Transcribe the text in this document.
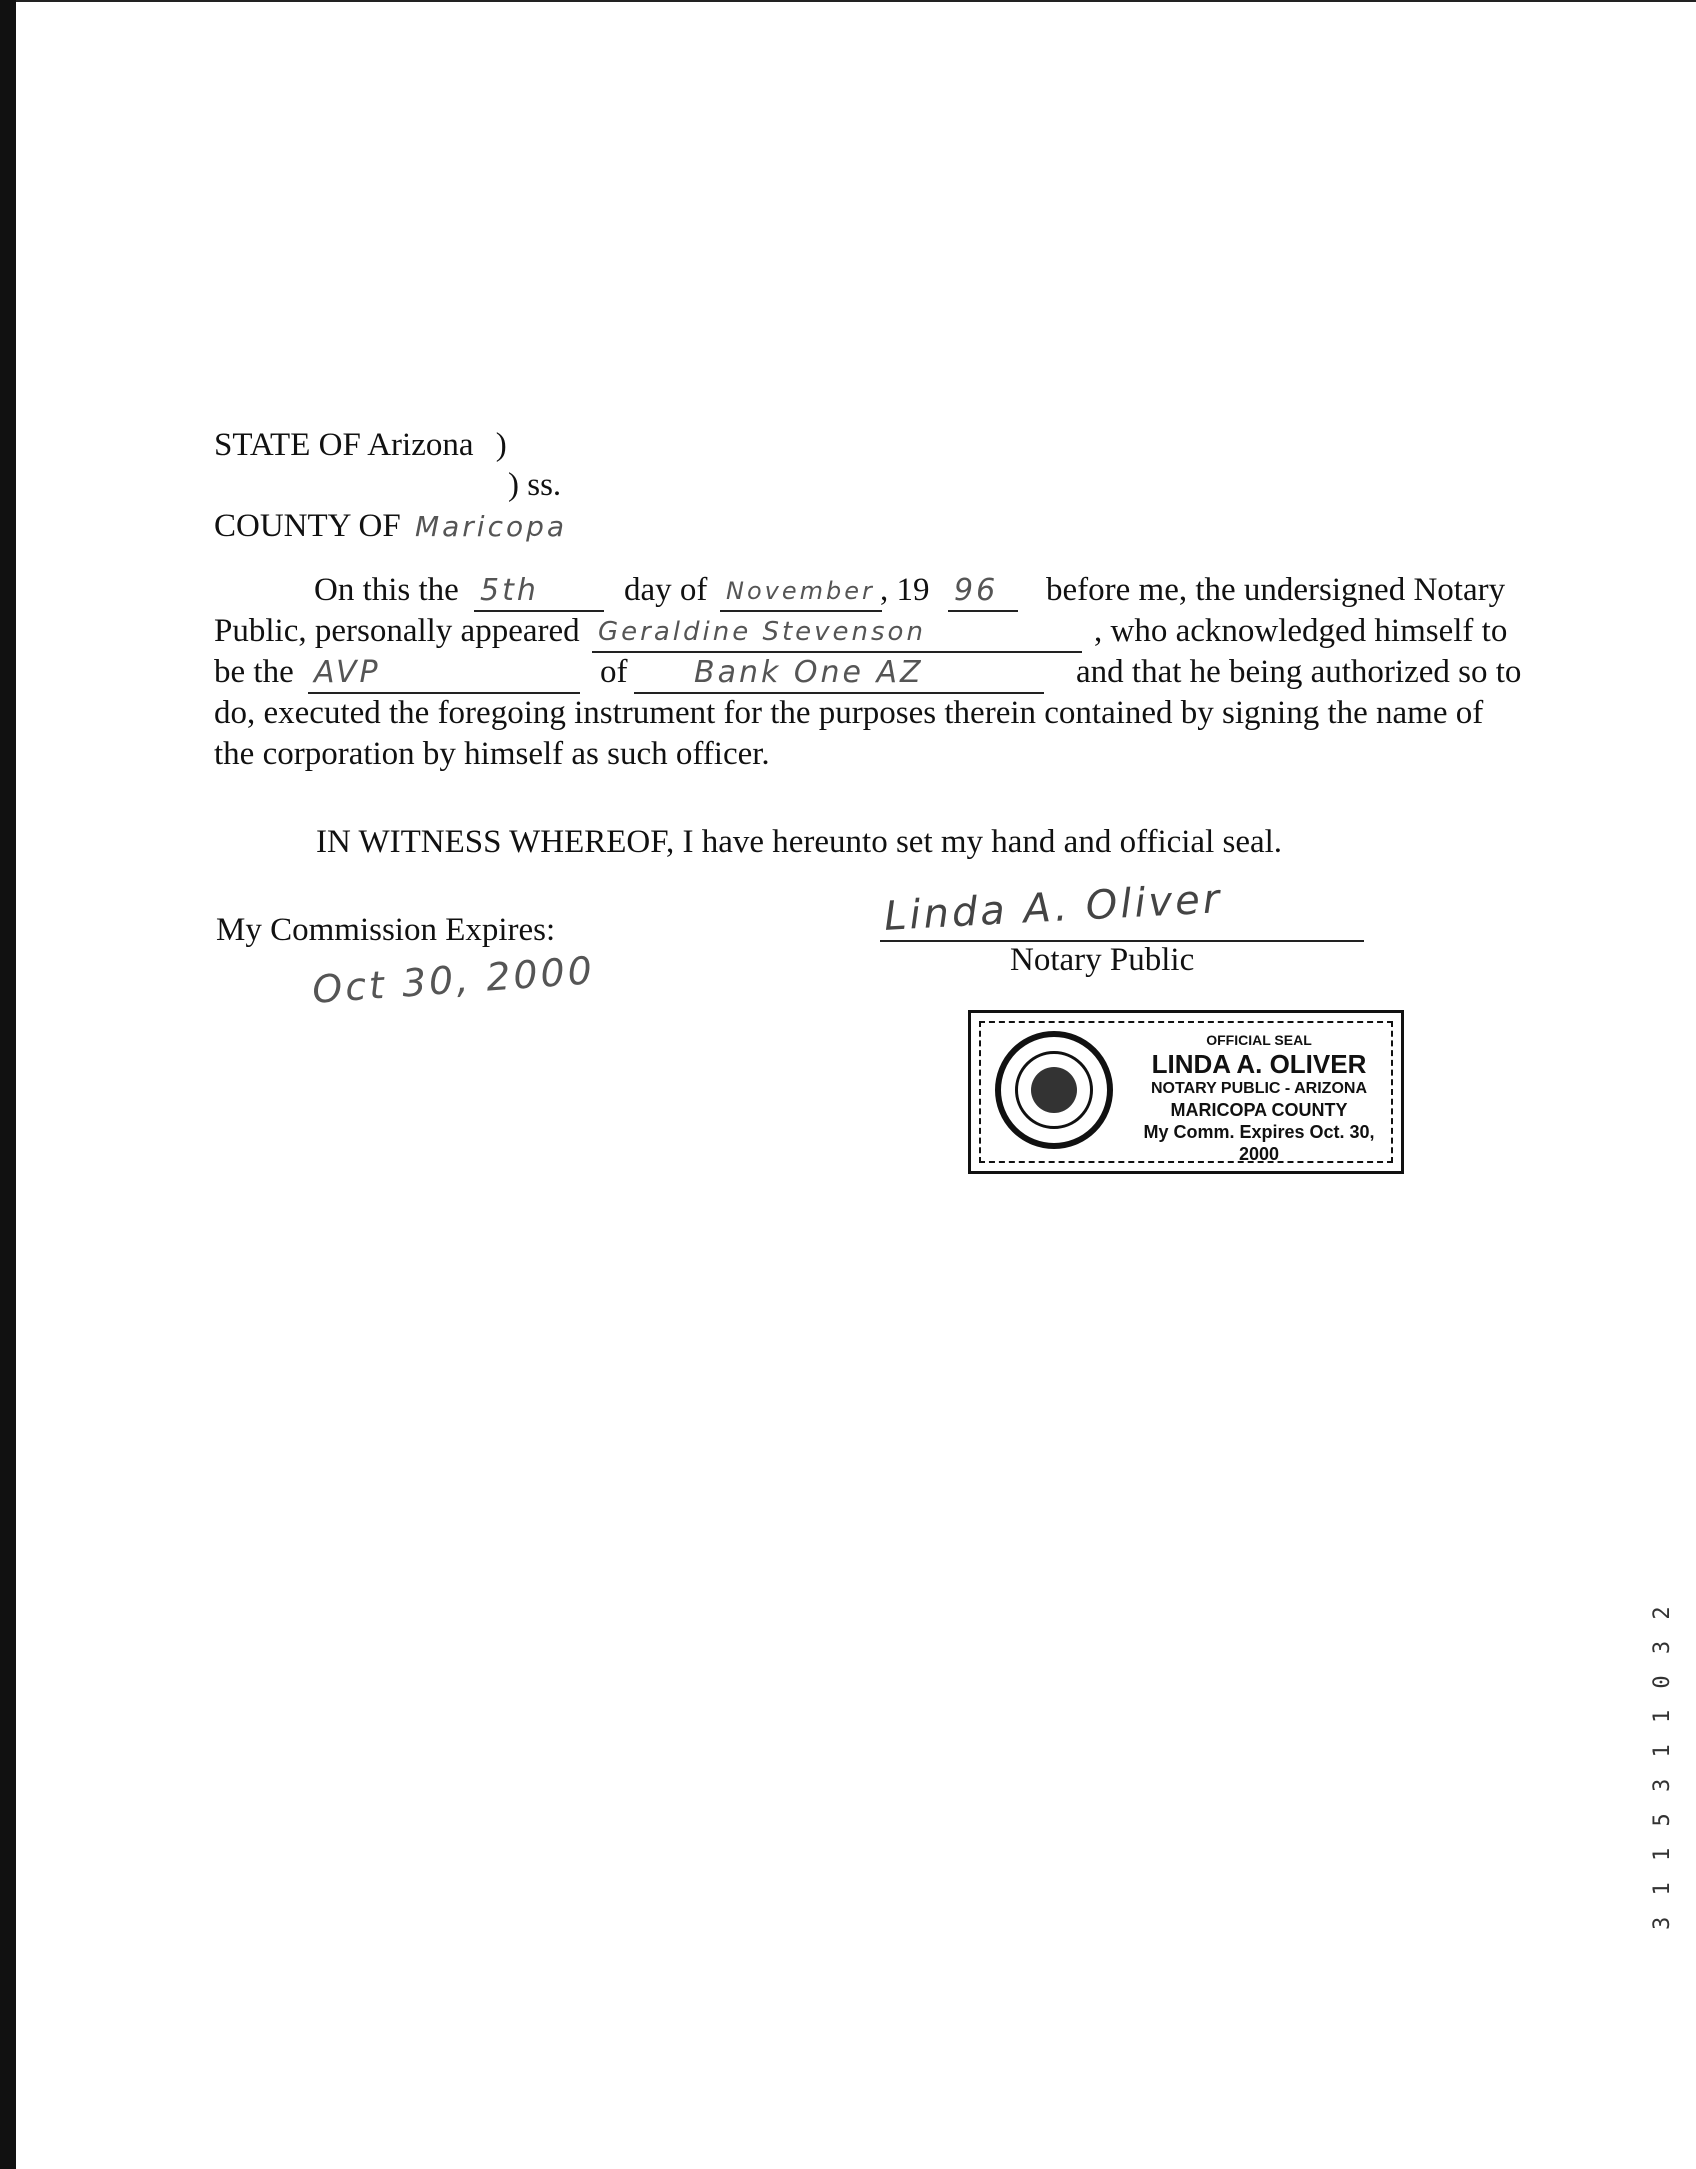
STATE OF Arizona )
) ss.
COUNTY OF Maricopa
On this the 5th	day of November , 19 96 before me, the undersigned Notary
Public, personally appeared Geraldine Stevenson	, who acknowledged himself to
be the AVP	of Bank One AZ	and that he being authorized so to
do, executed the foregoing instrument for the purposes therein contained by signing the name of
the corporation by himself as such officer.
IN WITNESS WHEREOF, I have hereunto set my hand and official seal.
My Commission Expires:
Oct 30, 2000
Linda A. Oliver
Notary Public
OFFICIAL SEAL
LINDA A. OLIVER
NOTARY PUBLIC - ARIZONA
MARICOPA COUNTY
My Comm. Expires Oct. 30, 2000
3 1 1 5 3 1 1 0 3 2
